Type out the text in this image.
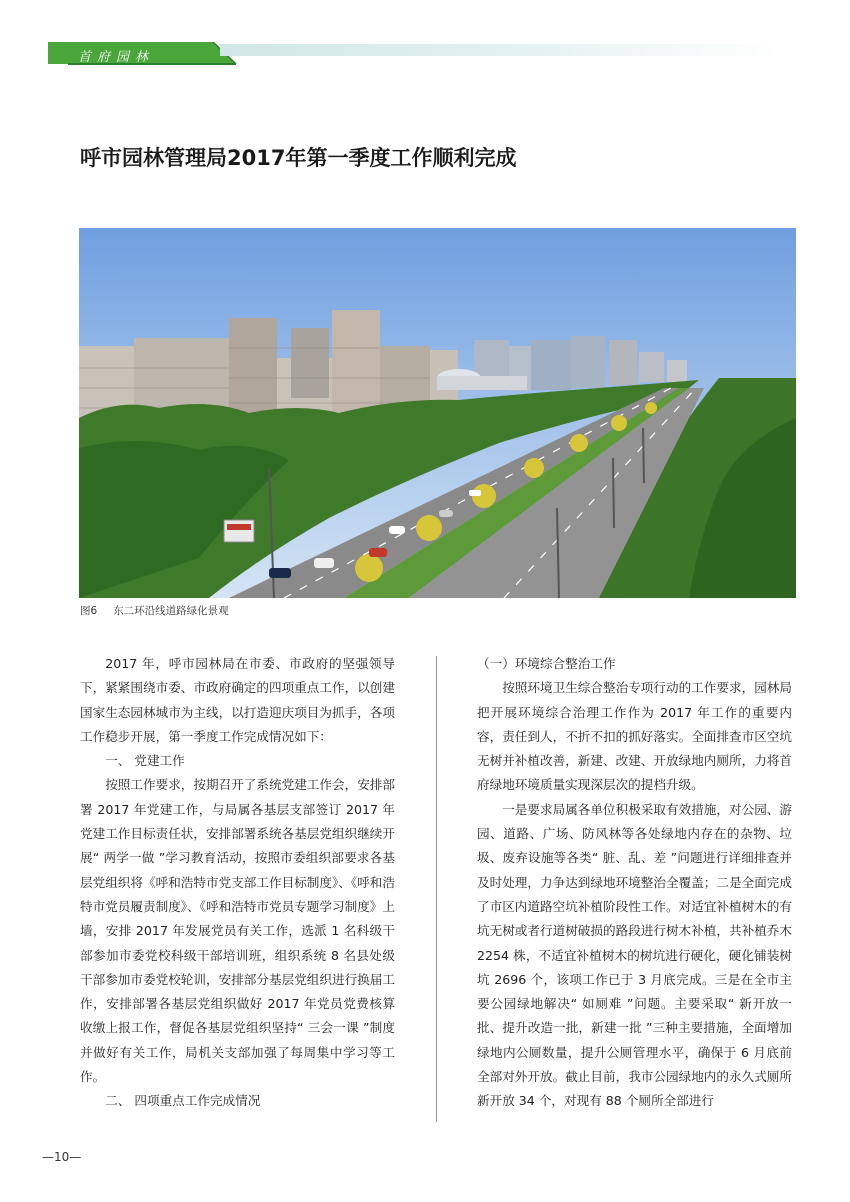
首府园林
呼市园林管理局2017年第一季度工作顺利完成
图6 东二环沿线道路绿化景观

2017 年，呼市园林局在市委、市政府的坚强领导下，紧紧围绕市委、市政府确定的四项重点工作，以创建国家生态园林城市为主线，以打造迎庆项目为抓手，各项工作稳步开展，第一季度工作完成情况如下：

一、 党建工作

按照工作要求，按期召开了系统党建工作会，安排部署 2017 年党建工作，与局属各基层支部签订 2017 年党建工作目标责任状，安排部署系统各基层党组织继续开展“ 两学一做 ”学习教育活动，按照市委组织部要求各基层党组织将《呼和浩特市党支部工作目标制度》、《呼和浩特市党员履责制度》、《呼和浩特市党员专题学习制度》上墙，安排 2017 年发展党员有关工作，选派 1 名科级干部参加市委党校科级干部培训班，组织系统 8 名县处级干部参加市委党校轮训，安排部分基层党组织进行换届工作，安排部署各基层党组织做好 2017 年党员党费核算收缴上报工作，督促各基层党组织坚持“ 三会一课 ”制度并做好有关工作，局机关支部加强了每周集中学习等工作。

二、 四项重点工作完成情况

（一）环境综合整治工作

按照环境卫生综合整治专项行动的工作要求，园林局把开展环境综合治理工作作为 2017 年工作的重要内容，责任到人，不折不扣的抓好落实。全面排查市区空坑无树并补植改善，新建、改建、开放绿地内厕所，力将首府绿地环境质量实现深层次的提档升级。

一是要求局属各单位积极采取有效措施，对公园、游园、道路、广场、防风林等各处绿地内存在的杂物、垃圾、废弃设施等各类“ 脏、乱、差 ”问题进行详细排查并及时处理，力争达到绿地环境整治全覆盖；二是全面完成了市区内道路空坑补植阶段性工作。对适宜补植树木的有坑无树或者行道树破损的路段进行树木补植，共补植乔木 2254 株，不适宜补植树木的树坑进行硬化，硬化铺装树坑 2696 个，该项工作已于 3 月底完成。三是在全市主要公园绿地解决“ 如厕难 ”问题。主要采取“ 新开放一批、提升改造一批，新建一批 ”三种主要措施，全面增加绿地内公厕数量，提升公厕管理水平，确保于 6 月底前全部对外开放。截止目前，我市公园绿地内的永久式厕所新开放 34 个，对现有 88 个厕所全部进行

—10—
